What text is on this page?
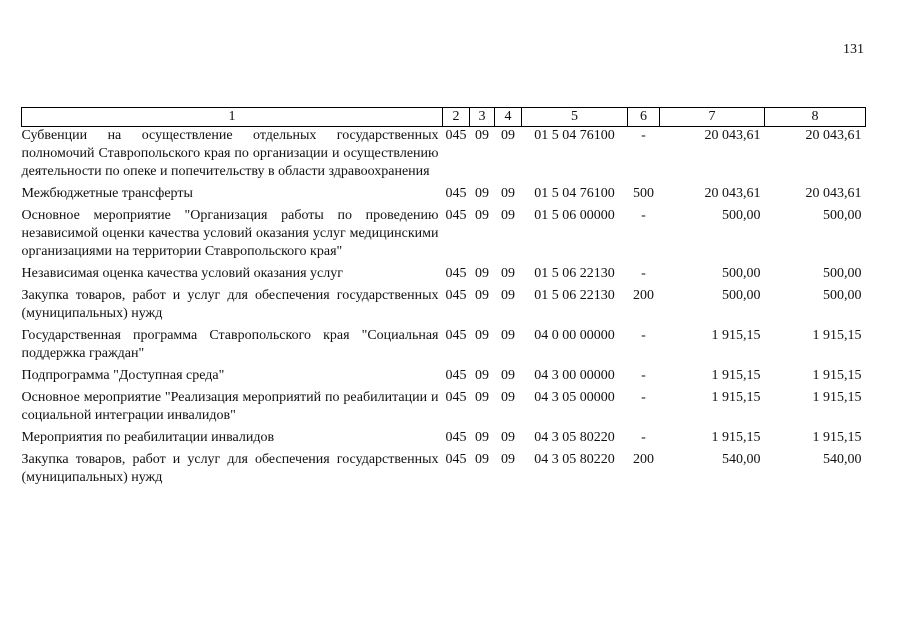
131
1	2	3	4	5	6	7	8
Субвенции на осуществление отдельных государственных полномочий Ставропольского края по организации и осуществлению деятельности по опеке и попечительству в области здравоохранения	045	09	09	01 5 04 76100	-	20 043,61	20 043,61
Межбюджетные трансферты	045	09	09	01 5 04 76100	500	20 043,61	20 043,61
Основное мероприятие "Организация работы по проведению независимой оценки качества условий оказания услуг медицинскими организациями на территории Ставропольского края"	045	09	09	01 5 06 00000	-	500,00	500,00
Независимая оценка качества условий оказания услуг	045	09	09	01 5 06 22130	-	500,00	500,00
Закупка товаров, работ и услуг для обеспечения государственных (муниципальных) нужд	045	09	09	01 5 06 22130	200	500,00	500,00
Государственная программа Ставропольского края "Социальная поддержка граждан"	045	09	09	04 0 00 00000	-	1 915,15	1 915,15
Подпрограмма "Доступная среда"	045	09	09	04 3 00 00000	-	1 915,15	1 915,15
Основное мероприятие "Реализация мероприятий по реабилитации и социальной интеграции инвалидов"	045	09	09	04 3 05 00000	-	1 915,15	1 915,15
Мероприятия по реабилитации инвалидов	045	09	09	04 3 05 80220	-	1 915,15	1 915,15
Закупка товаров, работ и услуг для обеспечения государственных (муниципальных) нужд	045	09	09	04 3 05 80220	200	540,00	540,00
